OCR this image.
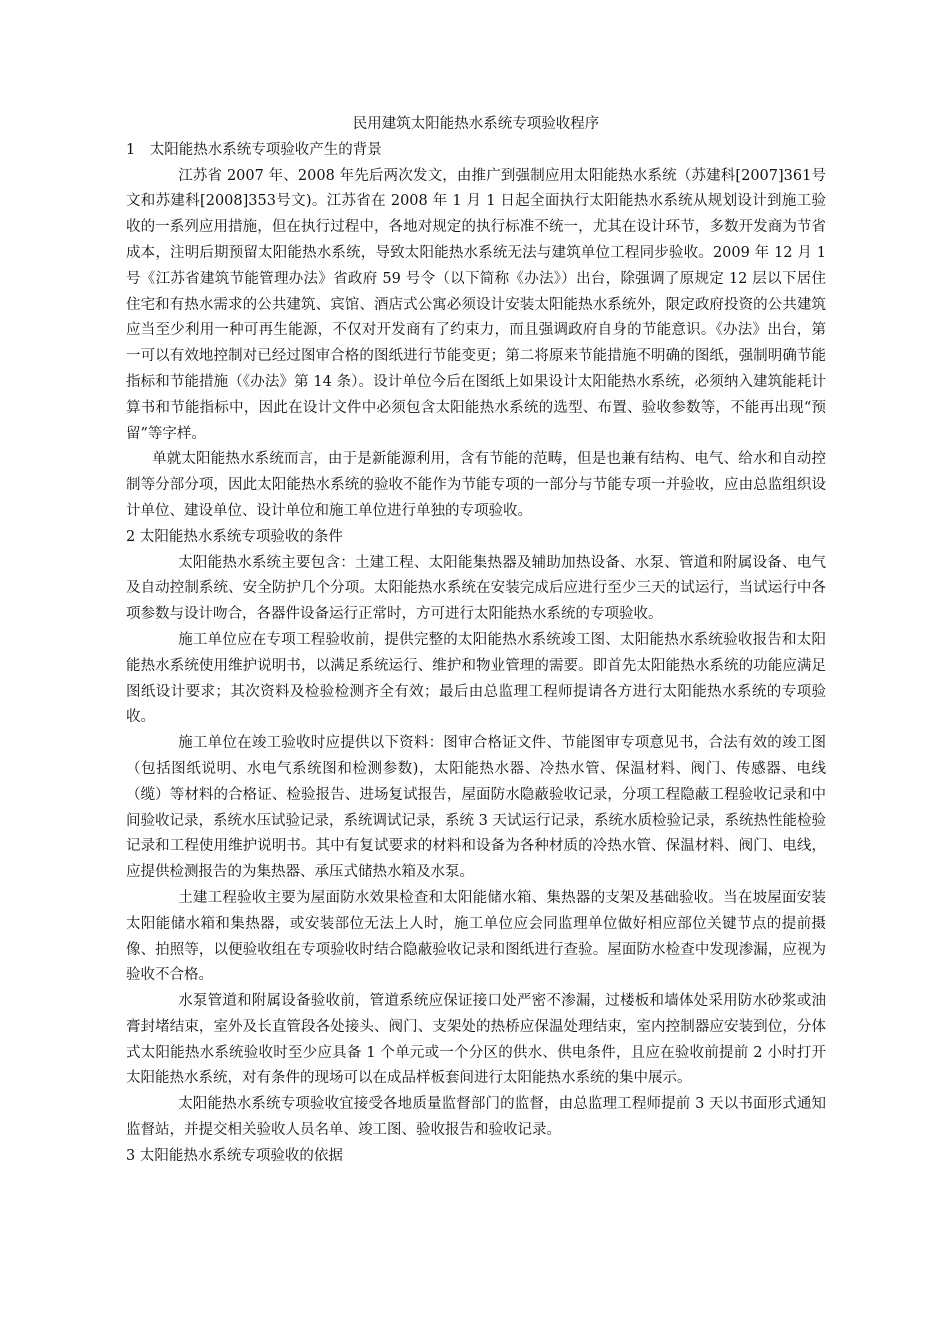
民用建筑太阳能热水系统专项验收程序

1　太阳能热水系统专项验收产生的背景

江苏省 2007 年、2008 年先后两次发文，由推广到强制应用太阳能热水系统（苏建科[2007]361号文和苏建科[2008]353号文)。江苏省在 2008 年 1 月 1 日起全面执行太阳能热水系统从规划设计到施工验收的一系列应用措施，但在执行过程中，各地对规定的执行标准不统一，尤其在设计环节，多数开发商为节省成本，注明后期预留太阳能热水系统，导致太阳能热水系统无法与建筑单位工程同步验收。2009 年 12 月 1 号《江苏省建筑节能管理办法》省政府 59 号令（以下简称《办法》）出台，除强调了原规定 12 层以下居住住宅和有热水需求的公共建筑、宾馆、酒店式公寓必须设计安装太阳能热水系统外，限定政府投资的公共建筑应当至少利用一种可再生能源，不仅对开发商有了约束力，而且强调政府自身的节能意识。《办法》出台，第一可以有效地控制对已经过图审合格的图纸进行节能变更；第二将原来节能措施不明确的图纸，强制明确节能指标和节能措施（《办法》第 14 条）。设计单位今后在图纸上如果设计太阳能热水系统，必须纳入建筑能耗计算书和节能指标中，因此在设计文件中必须包含太阳能热水系统的选型、布置、验收参数等，不能再出现“预留”等字样。

单就太阳能热水系统而言，由于是新能源利用，含有节能的范畴，但是也兼有结构、电气、给水和自动控制等分部分项，因此太阳能热水系统的验收不能作为节能专项的一部分与节能专项一并验收，应由总监组织设计单位、建设单位、设计单位和施工单位进行单独的专项验收。

2 太阳能热水系统专项验收的条件

太阳能热水系统主要包含：土建工程、太阳能集热器及辅助加热设备、水泵、管道和附属设备、电气及自动控制系统、安全防护几个分项。太阳能热水系统在安装完成后应进行至少三天的试运行，当试运行中各项参数与设计吻合，各器件设备运行正常时，方可进行太阳能热水系统的专项验收。

施工单位应在专项工程验收前，提供完整的太阳能热水系统竣工图、太阳能热水系统验收报告和太阳能热水系统使用维护说明书，以满足系统运行、维护和物业管理的需要。即首先太阳能热水系统的功能应满足图纸设计要求；其次资料及检验检测齐全有效；最后由总监理工程师提请各方进行太阳能热水系统的专项验收。

施工单位在竣工验收时应提供以下资料：图审合格证文件、节能图审专项意见书，合法有效的竣工图（包括图纸说明、水电气系统图和检测参数)，太阳能热水器、冷热水管、保温材料、阀门、传感器、电线（缆）等材料的合格证、检验报告、进场复试报告，屋面防水隐蔽验收记录，分项工程隐蔽工程验收记录和中间验收记录，系统水压试验记录，系统调试记录，系统 3 天试运行记录，系统水质检验记录，系统热性能检验记录和工程使用维护说明书。其中有复试要求的材料和设备为各种材质的冷热水管、保温材料、阀门、电线，应提供检测报告的为集热器、承压式储热水箱及水泵。

土建工程验收主要为屋面防水效果检查和太阳能储水箱、集热器的支架及基础验收。当在坡屋面安装太阳能储水箱和集热器，或安装部位无法上人时，施工单位应会同监理单位做好相应部位关键节点的提前摄像、拍照等，以便验收组在专项验收时结合隐蔽验收记录和图纸进行查验。屋面防水检查中发现渗漏，应视为验收不合格。

水泵管道和附属设备验收前，管道系统应保证接口处严密不渗漏，过楼板和墙体处采用防水砂浆或油膏封堵结束，室外及长直管段各处接头、阀门、支架处的热桥应保温处理结束，室内控制器应安装到位，分体式太阳能热水系统验收时至少应具备 1 个单元或一个分区的供水、供电条件，且应在验收前提前 2 小时打开太阳能热水系统，对有条件的现场可以在成品样板套间进行太阳能热水系统的集中展示。

太阳能热水系统专项验收宜接受各地质量监督部门的监督，由总监理工程师提前 3 天以书面形式通知监督站，并提交相关验收人员名单、竣工图、验收报告和验收记录。

3 太阳能热水系统专项验收的依据
